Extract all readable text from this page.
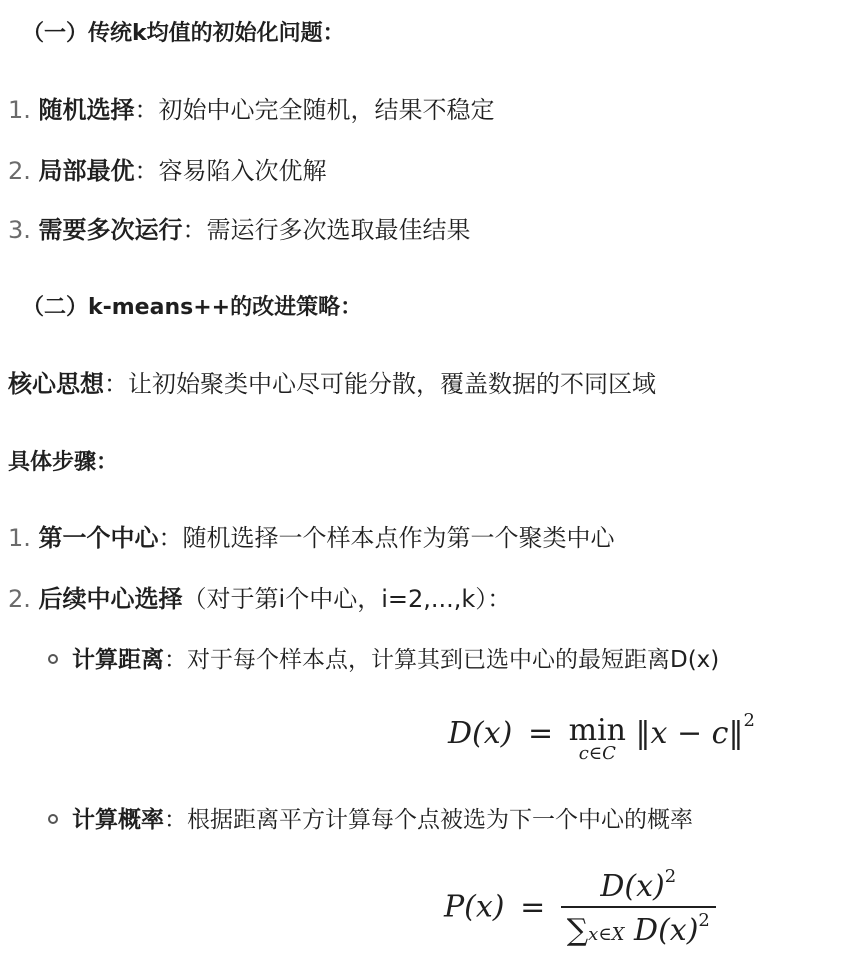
（一）传统k均值的初始化问题：
1. 随机选择：初始中心完全随机，结果不稳定
2. 局部最优：容易陷入次优解
3. 需要多次运行：需运行多次选取最佳结果
（二）k-means++的改进策略：
核心思想：让初始聚类中心尽可能分散，覆盖数据的不同区域
具体步骤：
1. 第一个中心：随机选择一个样本点作为第一个聚类中心
2. 后续中心选择（对于第i个中心，i=2,...,k）：
计算距离：对于每个样本点，计算其到已选中心的最短距离D(x)
D(x) = min
c∈C
‖x − c‖$^2$
计算概率：根据距离平方计算每个点被选为下一个中心的概率
$P(x) = \frac{D(x)^2}{\sum x\in X D(x)^2}$
